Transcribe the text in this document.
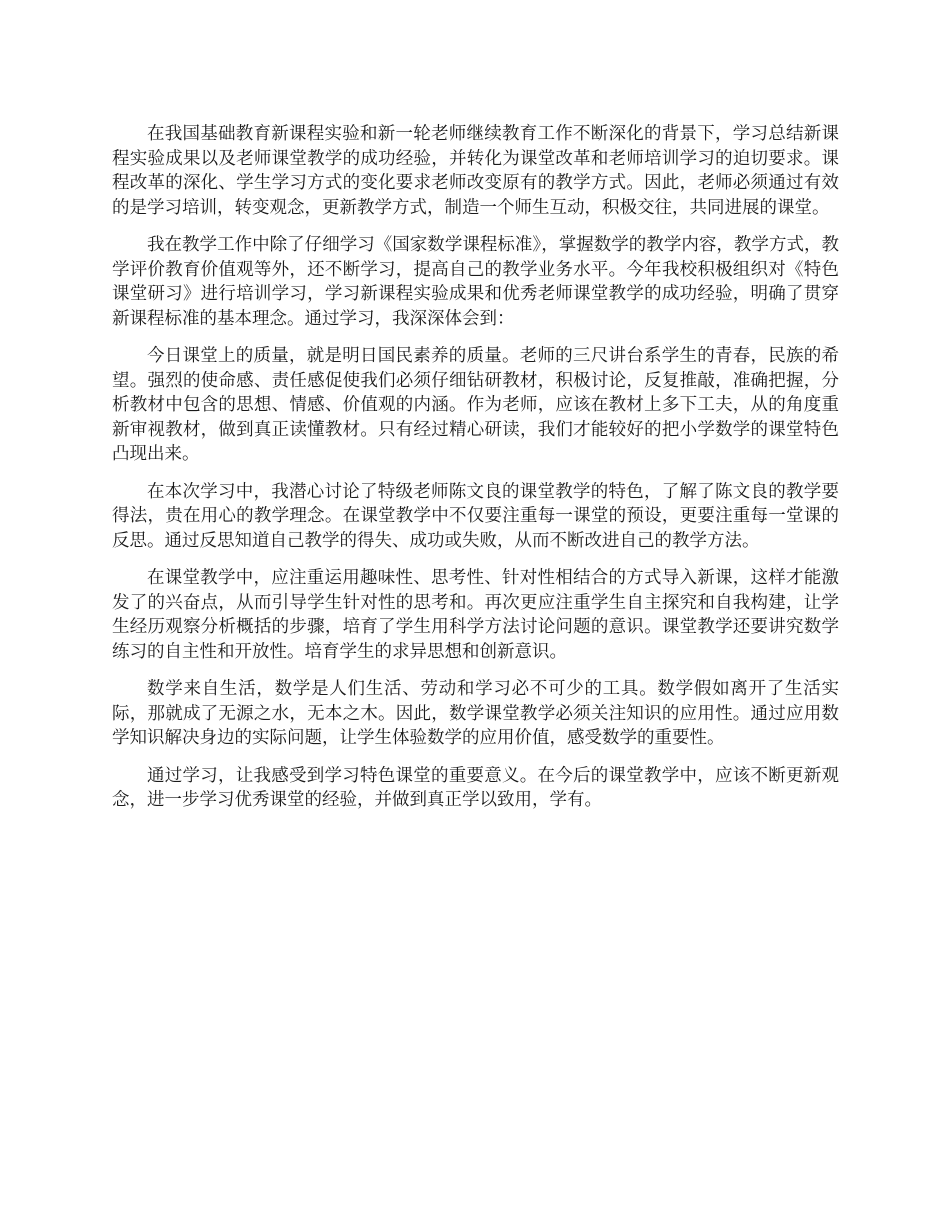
在我国基础教育新课程实验和新一轮老师继续教育工作不断深化的背景下，学习总结新课程实验成果以及老师课堂教学的成功经验，并转化为课堂改革和老师培训学习的迫切要求。课程改革的深化、学生学习方式的变化要求老师改变原有的教学方式。因此，老师必须通过有效的是学习培训，转变观念，更新教学方式，制造一个师生互动，积极交往，共同进展的课堂。

我在教学工作中除了仔细学习《国家数学课程标准》，掌握数学的教学内容，教学方式，教学评价教育价值观等外，还不断学习，提高自己的教学业务水平。今年我校积极组织对《特色课堂研习》进行培训学习，学习新课程实验成果和优秀老师课堂教学的成功经验，明确了贯穿新课程标准的基本理念。通过学习，我深深体会到：

今日课堂上的质量，就是明日国民素养的质量。老师的三尺讲台系学生的青春，民族的希望。强烈的使命感、责任感促使我们必须仔细钻研教材，积极讨论，反复推敲，准确把握，分析教材中包含的思想、情感、价值观的内涵。作为老师，应该在教材上多下工夫，从的角度重新审视教材，做到真正读懂教材。只有经过精心研读，我们才能较好的把小学数学的课堂特色凸现出来。

在本次学习中，我潜心讨论了特级老师陈文良的课堂教学的特色，了解了陈文良的教学要得法，贵在用心的教学理念。在课堂教学中不仅要注重每一课堂的预设，更要注重每一堂课的反思。通过反思知道自己教学的得失、成功或失败，从而不断改进自己的教学方法。

在课堂教学中，应注重运用趣味性、思考性、针对性相结合的方式导入新课，这样才能激发了的兴奋点，从而引导学生针对性的思考和。再次更应注重学生自主探究和自我构建，让学生经历观察分析概括的步骤，培育了学生用科学方法讨论问题的意识。课堂教学还要讲究数学练习的自主性和开放性。培育学生的求异思想和创新意识。

数学来自生活，数学是人们生活、劳动和学习必不可少的工具。数学假如离开了生活实际，那就成了无源之水，无本之木。因此，数学课堂教学必须关注知识的应用性。通过应用数学知识解决身边的实际问题，让学生体验数学的应用价值，感受数学的重要性。

通过学习，让我感受到学习特色课堂的重要意义。在今后的课堂教学中，应该不断更新观念，进一步学习优秀课堂的经验，并做到真正学以致用，学有。
